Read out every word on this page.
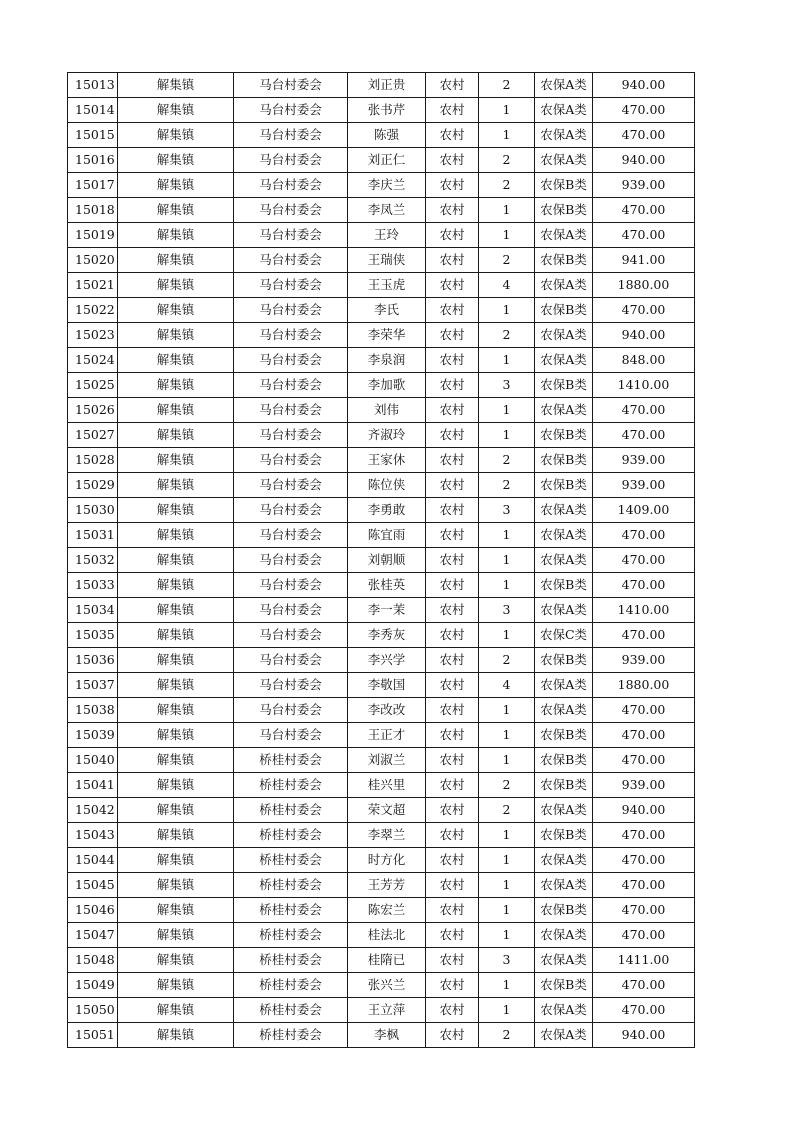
15013	解集镇	马台村委会	刘正贵	农村	2	农保A类	940.00
15014	解集镇	马台村委会	张书芹	农村	1	农保A类	470.00
15015	解集镇	马台村委会	陈强	农村	1	农保A类	470.00
15016	解集镇	马台村委会	刘正仁	农村	2	农保A类	940.00
15017	解集镇	马台村委会	李庆兰	农村	2	农保B类	939.00
15018	解集镇	马台村委会	李凤兰	农村	1	农保B类	470.00
15019	解集镇	马台村委会	王玲	农村	1	农保A类	470.00
15020	解集镇	马台村委会	王瑞侠	农村	2	农保B类	941.00
15021	解集镇	马台村委会	王玉虎	农村	4	农保A类	1880.00
15022	解集镇	马台村委会	李氏	农村	1	农保B类	470.00
15023	解集镇	马台村委会	李荣华	农村	2	农保A类	940.00
15024	解集镇	马台村委会	李泉润	农村	1	农保A类	848.00
15025	解集镇	马台村委会	李加歌	农村	3	农保B类	1410.00
15026	解集镇	马台村委会	刘伟	农村	1	农保A类	470.00
15027	解集镇	马台村委会	齐淑玲	农村	1	农保B类	470.00
15028	解集镇	马台村委会	王家休	农村	2	农保B类	939.00
15029	解集镇	马台村委会	陈位侠	农村	2	农保B类	939.00
15030	解集镇	马台村委会	李勇敢	农村	3	农保A类	1409.00
15031	解集镇	马台村委会	陈宜雨	农村	1	农保A类	470.00
15032	解集镇	马台村委会	刘朝顺	农村	1	农保A类	470.00
15033	解集镇	马台村委会	张桂英	农村	1	农保B类	470.00
15034	解集镇	马台村委会	李一茉	农村	3	农保A类	1410.00
15035	解集镇	马台村委会	李秀灰	农村	1	农保C类	470.00
15036	解集镇	马台村委会	李兴学	农村	2	农保B类	939.00
15037	解集镇	马台村委会	李敬国	农村	4	农保A类	1880.00
15038	解集镇	马台村委会	李改改	农村	1	农保A类	470.00
15039	解集镇	马台村委会	王正才	农村	1	农保B类	470.00
15040	解集镇	桥桂村委会	刘淑兰	农村	1	农保B类	470.00
15041	解集镇	桥桂村委会	桂兴里	农村	2	农保B类	939.00
15042	解集镇	桥桂村委会	荣文超	农村	2	农保A类	940.00
15043	解集镇	桥桂村委会	李翠兰	农村	1	农保B类	470.00
15044	解集镇	桥桂村委会	时方化	农村	1	农保A类	470.00
15045	解集镇	桥桂村委会	王芳芳	农村	1	农保A类	470.00
15046	解集镇	桥桂村委会	陈宏兰	农村	1	农保B类	470.00
15047	解集镇	桥桂村委会	桂法北	农村	1	农保A类	470.00
15048	解集镇	桥桂村委会	桂隋已	农村	3	农保A类	1411.00
15049	解集镇	桥桂村委会	张兴兰	农村	1	农保B类	470.00
15050	解集镇	桥桂村委会	王立萍	农村	1	农保A类	470.00
15051	解集镇	桥桂村委会	李枫	农村	2	农保A类	940.00
